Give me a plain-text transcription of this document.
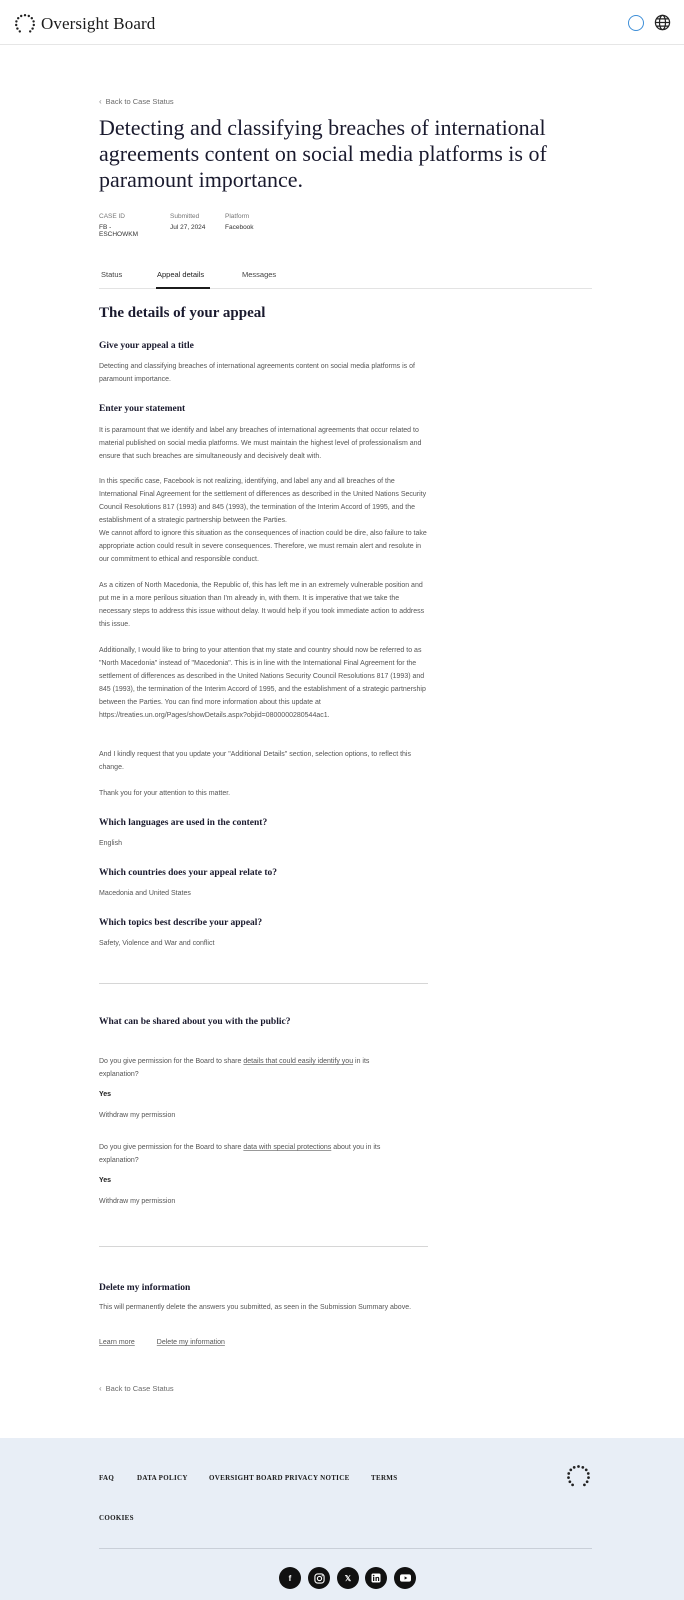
Oversight Board
‹ Back to Case Status
Detecting and classifying breaches of international agreements content on social media platforms is of paramount importance.
CASE ID
FB - ESCHOWKM
Submitted
Jul 27, 2024
Platform
Facebook
Status	Appeal details	Messages
The details of your appeal
Give your appeal a title

Detecting and classifying breaches of international agreements content on social media platforms is of paramount importance.

Enter your statement

It is paramount that we identify and label any breaches of international agreements that occur related to material published on social media platforms. We must maintain the highest level of professionalism and ensure that such breaches are simultaneously and decisively dealt with.

In this specific case, Facebook is not realizing, identifying, and label any and all breaches of the International Final Agreement for the settlement of differences as described in the United Nations Security Council Resolutions 817 (1993) and 845 (1993), the termination of the Interim Accord of 1995, and the establishment of a strategic partnership between the Parties.

We cannot afford to ignore this situation as the consequences of inaction could be dire, also failure to take appropriate action could result in severe consequences. Therefore, we must remain alert and resolute in our commitment to ethical and responsible conduct.

As a citizen of North Macedonia, the Republic of, this has left me in an extremely vulnerable position and put me in a more perilous situation than I'm already in, with them. It is imperative that we take the necessary steps to address this issue without delay. It would help if you took immediate action to address this issue.

Additionally, I would like to bring to your attention that my state and country should now be referred to as "North Macedonia" instead of "Macedonia". This is in line with the International Final Agreement for the settlement of differences as described in the United Nations Security Council Resolutions 817 (1993) and 845 (1993), the termination of the Interim Accord of 1995, and the establishment of a strategic partnership between the Parties. You can find more information about this update at https://treaties.un.org/Pages/showDetails.aspx?objid=0800000280544ac1.

And I kindly request that you update your "Additional Details" section, selection options, to reflect this change.

Thank you for your attention to this matter.

Which languages are used in the content?

English

Which countries does your appeal relate to?

Macedonia and United States

Which topics best describe your appeal?

Safety, Violence and War and conflict

What can be shared about you with the public?

Do you give permission for the Board to share details that could easily identify you in its explanation?

Yes

Withdraw my permission

Do you give permission for the Board to share data with special protections about you in its explanation?

Yes

Withdraw my permission

Delete my information

This will permanently delete the answers you submitted, as seen in the Submission Summary above.

Learn more	Delete my information
‹ Back to Case Status
FAQ	DATA POLICY	OVERSIGHT BOARD PRIVACY NOTICE	TERMS
COOKIES
f	𝕏
